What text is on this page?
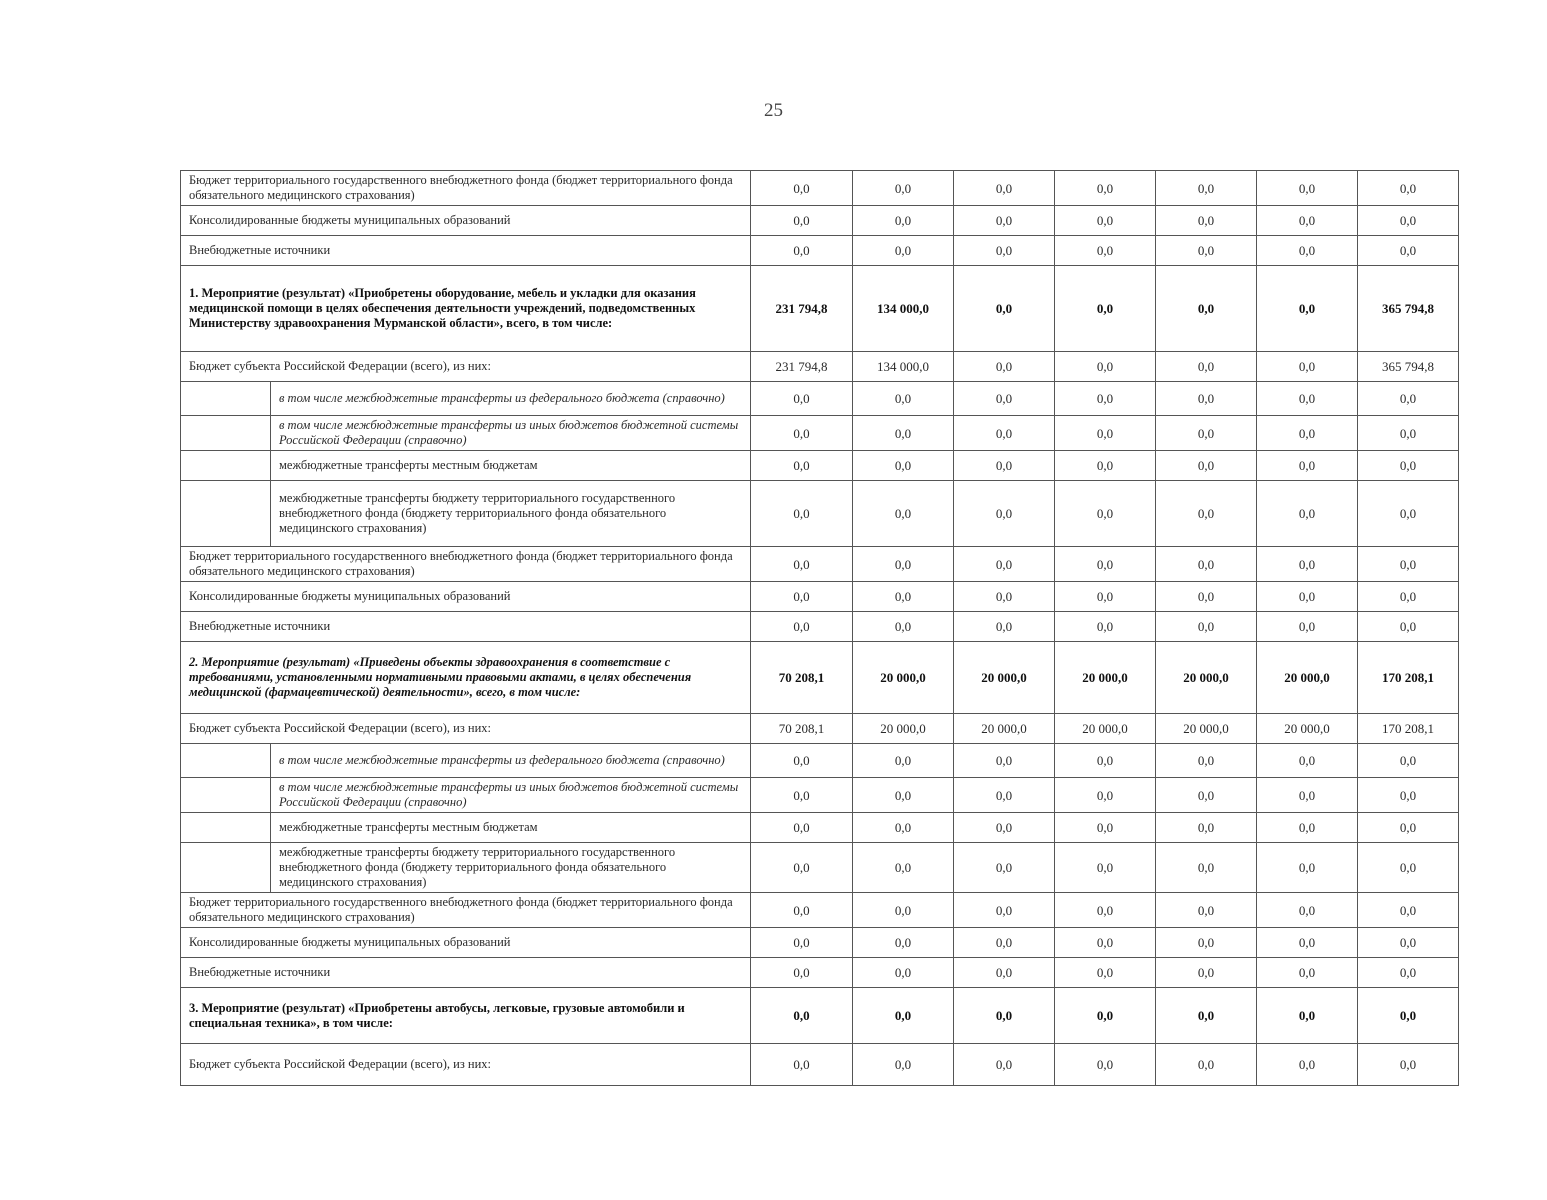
25
Бюджет территориального государственного внебюджетного фонда (бюджет территориального фонда обязательного медицинского страхования)		0,0	0,0	0,0	0,0	0,0	0,0	0,0
Консолидированные бюджеты муниципальных образований		0,0	0,0	0,0	0,0	0,0	0,0	0,0
Внебюджетные источники		0,0	0,0	0,0	0,0	0,0	0,0	0,0
1. Мероприятие (результат) «Приобретены оборудование, мебель и укладки для оказания медицинской помощи в целях обеспечения деятельности учреждений, подведомственных Министерству здравоохранения Мурманской области», всего, в том числе:		231 794,8	134 000,0	0,0	0,0	0,0	0,0	365 794,8
Бюджет субъекта Российской Федерации (всего), из них:		231 794,8	134 000,0	0,0	0,0	0,0	0,0	365 794,8
	в том числе межбюджетные трансферты из федерального бюджета (справочно)	0,0	0,0	0,0	0,0	0,0	0,0	0,0
	в том числе межбюджетные трансферты из иных бюджетов бюджетной системы Российской Федерации (справочно)	0,0	0,0	0,0	0,0	0,0	0,0	0,0
	межбюджетные трансферты местным бюджетам	0,0	0,0	0,0	0,0	0,0	0,0	0,0
	межбюджетные трансферты бюджету территориального государственного внебюджетного фонда (бюджету территориального фонда обязательного медицинского страхования)	0,0	0,0	0,0	0,0	0,0	0,0	0,0
Бюджет территориального государственного внебюджетного фонда (бюджет территориального фонда обязательного медицинского страхования)		0,0	0,0	0,0	0,0	0,0	0,0	0,0
Консолидированные бюджеты муниципальных образований		0,0	0,0	0,0	0,0	0,0	0,0	0,0
Внебюджетные источники		0,0	0,0	0,0	0,0	0,0	0,0	0,0
2. Мероприятие (результат) «Приведены объекты здравоохранения в соответствие с требованиями, установленными нормативными правовыми актами, в целях обеспечения медицинской (фармацевтической) деятельности», всего, в том числе:		70 208,1	20 000,0	20 000,0	20 000,0	20 000,0	20 000,0	170 208,1
Бюджет субъекта Российской Федерации (всего), из них:		70 208,1	20 000,0	20 000,0	20 000,0	20 000,0	20 000,0	170 208,1
	в том числе межбюджетные трансферты из федерального бюджета (справочно)	0,0	0,0	0,0	0,0	0,0	0,0	0,0
	в том числе межбюджетные трансферты из иных бюджетов бюджетной системы Российской Федерации (справочно)	0,0	0,0	0,0	0,0	0,0	0,0	0,0
	межбюджетные трансферты местным бюджетам	0,0	0,0	0,0	0,0	0,0	0,0	0,0
	межбюджетные трансферты бюджету территориального государственного внебюджетного фонда (бюджету территориального фонда обязательного медицинского страхования)	0,0	0,0	0,0	0,0	0,0	0,0	0,0
Бюджет территориального государственного внебюджетного фонда (бюджет территориального фонда обязательного медицинского страхования)		0,0	0,0	0,0	0,0	0,0	0,0	0,0
Консолидированные бюджеты муниципальных образований		0,0	0,0	0,0	0,0	0,0	0,0	0,0
Внебюджетные источники		0,0	0,0	0,0	0,0	0,0	0,0	0,0
3. Мероприятие (результат) «Приобретены автобусы, легковые, грузовые автомобили и специальная техника», в том числе:		0,0	0,0	0,0	0,0	0,0	0,0	0,0
Бюджет субъекта Российской Федерации (всего), из них:		0,0	0,0	0,0	0,0	0,0	0,0	0,0
